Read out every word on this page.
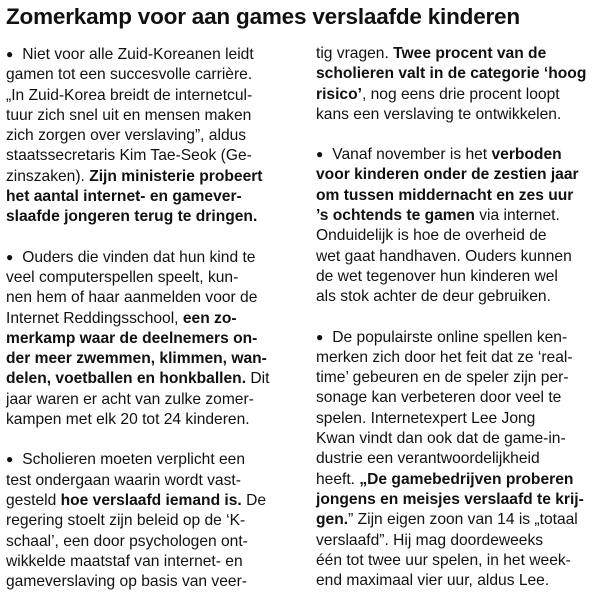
Zomerkamp voor aan games verslaafde kinderen
● Niet voor alle Zuid-Koreanen leidt
gamen tot een succesvolle carrière.
„In Zuid-Korea breidt de internetcul-
tuur zich snel uit en mensen maken
zich zorgen over verslaving”, aldus
staatssecretaris Kim Tae-Seok (Ge-
zinszaken). Zijn ministerie probeert
het aantal internet- en gamever-
slaafde jongeren terug te dringen.
● Ouders die vinden dat hun kind te
veel computerspellen speelt, kun-
nen hem of haar aanmelden voor de
Internet Reddingsschool, een zo-
merkamp waar de deelnemers on-
der meer zwemmen, klimmen, wan-
delen, voetballen en honkballen. Dit
jaar waren er acht van zulke zomer-
kampen met elk 20 tot 24 kinderen.
● Scholieren moeten verplicht een
test ondergaan waarin wordt vast-
gesteld hoe verslaafd iemand is. De
regering stoelt zijn beleid op de ‘K-
schaal’, een door psychologen ont-
wikkelde maatstaf van internet- en
gameverslaving op basis van veer-
tig vragen. Twee procent van de
scholieren valt in de categorie ‘hoog
risico’, nog eens drie procent loopt
kans een verslaving te ontwikkelen.
● Vanaf november is het verboden
voor kinderen onder de zestien jaar
om tussen middernacht en zes uur
’s ochtends te gamen via internet.
Onduidelijk is hoe de overheid de
wet gaat handhaven. Ouders kunnen
de wet tegenover hun kinderen wel
als stok achter de deur gebruiken.
● De populairste online spellen ken-
merken zich door het feit dat ze ‘real-
time’ gebeuren en de speler zijn per-
sonage kan verbeteren door veel te
spelen. Internetexpert Lee Jong
Kwan vindt dan ook dat de game-in-
dustrie een verantwoordelijkheid
heeft. „De gamebedrijven proberen
jongens en meisjes verslaafd te krij-
gen.” Zijn eigen zoon van 14 is „totaal
verslaafd”. Hij mag doordeweeks
één tot twee uur spelen, in het week-
end maximaal vier uur, aldus Lee.
